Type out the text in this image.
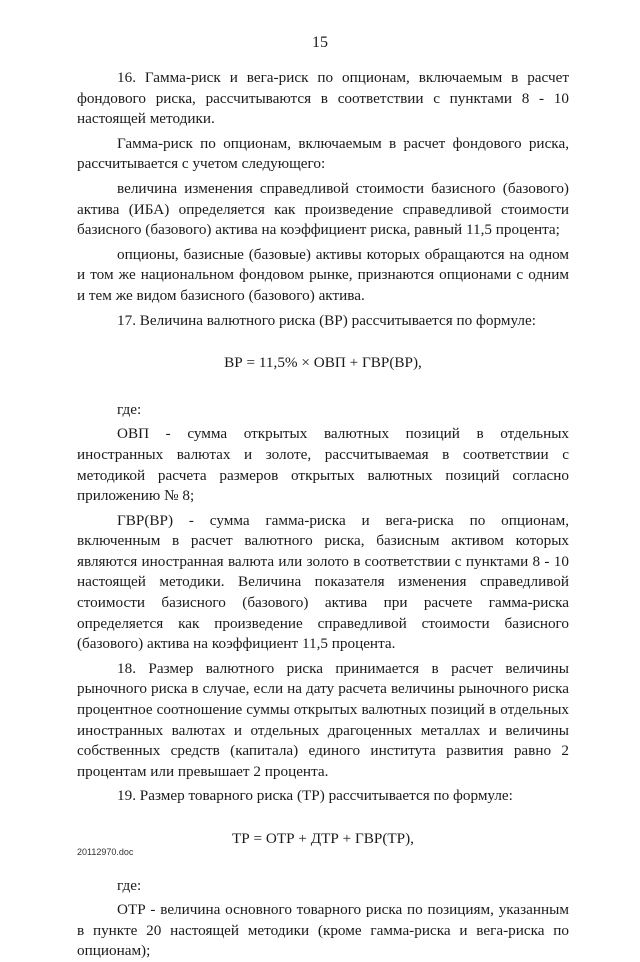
15

16. Гамма-риск и вега-риск по опционам, включаемым в расчет фондового риска, рассчитываются в соответствии с пунктами 8 - 10 настоящей методики.

Гамма-риск по опционам, включаемым в расчет фондового риска, рассчитывается с учетом следующего:

величина изменения справедливой стоимости базисного (базового) актива (ИБА) определяется как произведение справедливой стоимости базисного (базового) актива на коэффициент риска, равный 11,5 процента;

опционы, базисные (базовые) активы которых обращаются на одном и том же национальном фондовом рынке, признаются опционами с одним и тем же видом базисного (базового) актива.

17. Величина валютного риска (ВР) рассчитывается по формуле:

ВР = 11,5% × ОВП + ГВР(ВР),

где:

ОВП - сумма открытых валютных позиций в отдельных иностранных валютах и золоте, рассчитываемая в соответствии с методикой расчета размеров открытых валютных позиций согласно приложению № 8;

ГВР(ВР) - сумма гамма-риска и вега-риска по опционам, включенным в расчет валютного риска, базисным активом которых являются иностранная валюта или золото в соответствии с пунктами 8 - 10 настоящей методики. Величина показателя изменения справедливой стоимости базисного (базового) актива при расчете гамма-риска определяется как произведение справедливой стоимости базисного (базового) актива на коэффициент 11,5 процента.

18. Размер валютного риска принимается в расчет величины рыночного риска в случае, если на дату расчета величины рыночного риска процентное соотношение суммы открытых валютных позиций в отдельных иностранных валютах и отдельных драгоценных металлах и величины собственных средств (капитала) единого института развития равно 2 процентам или превышает 2 процента.

19. Размер товарного риска (ТР) рассчитывается по формуле:

ТР = ОТР + ДТР + ГВР(ТР),

где:

ОТР - величина основного товарного риска по позициям, указанным в пункте 20 настоящей методики (кроме гамма-риска и вега-риска по опционам);

20112970.doc
